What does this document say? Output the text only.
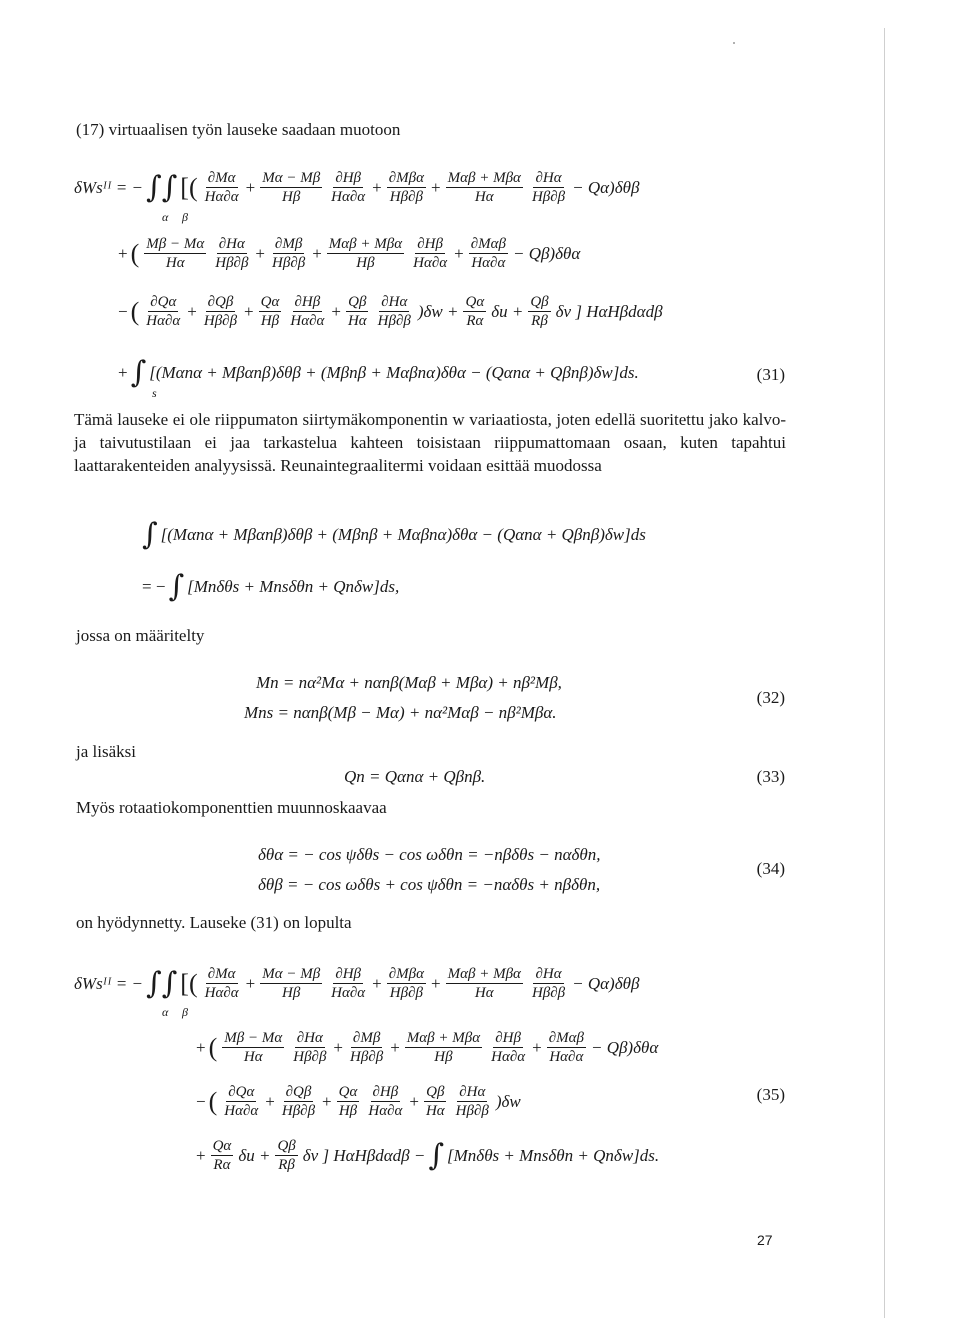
(17) virtuaalisen työn lauseke saadaan muotoon
δWsᴵᴵ = − ∫∫ [( $\frac{\partial M\alpha}{H\alpha\partial\alpha} + \frac{M\alpha - M\beta}{H\beta} \frac{\partial H\beta}{H\alpha\partial\alpha} + \frac{\text{∂Mβα}}{H\beta\partial\beta} + \frac{\text{Mαβ + Mβα}}{H\alpha} \frac{\partial H\alpha}{H\beta\partial\beta} - Q\alpha)\delta\theta\beta$
α β
+ ( $\frac{M\beta - M\alpha}{H\alpha} \frac{\partial H\alpha}{H\beta\partial\beta} + \frac{\partial M\beta}{H\beta\partial\beta} + \frac{\text{Mαβ + Mβα}}{H\beta} \frac{\partial H\beta}{H\alpha\partial\alpha} + \frac{\text{∂Mαβ}}{H\alpha\partial\alpha} - Q\beta)\delta\theta\alpha$
− ( $\frac{\partial Q\alpha}{H\alpha\partial\alpha} + \frac{\partial Q\beta}{H\beta\partial\beta} + \frac{Q\alpha}{H\beta} \frac{\partial H\beta}{H\alpha\partial\alpha} + \frac{Q\beta}{H\alpha} \frac{\partial H\alpha}{H\beta\partial\beta} )\delta w + \frac{Q\alpha}{R\alpha}$ $\delta u + \frac{Q\beta}{R\beta}$ δv ] HαHβdαdβ
+ ∫ [(Mαnα + Mβαnβ)δθβ + (Mβnβ + Mαβnα)δθα − (Qαnα + Qβnβ)δw]ds.
s
(31)
Tämä lauseke ei ole riippumaton siirtymäkomponentin w variaatiosta, joten edellä suoritettu jako kalvo- ja taivutustilaan ei jaa tarkastelua kahteen toisistaan riippumattomaan osaan, kuten tapahtui laattarakenteiden analyysissä. Reunaintegraalitermi voidaan esittää muodossa
∫ [(Mαnα + Mβαnβ)δθβ + (Mβnβ + Mαβnα)δθα − (Qαnα + Qβnβ)δw]ds
= − ∫ [Mnδθs + Mnsδθn + Qnδw]ds,
jossa on määritelty
Mn = nα²Mα + nαnβ(Mαβ + Mβα) + nβ²Mβ,
Mns = nαnβ(Mβ − Mα) + nα²Mαβ − nβ²Mβα.
(32)
ja lisäksi
Qn = Qαnα + Qβnβ.	(33)
Myös rotaatiokomponenttien muunnoskaavaa
δθα = − cos ψδθs − cos ωδθn = −nβδθs − nαδθn,
δθβ = − cos ωδθs + cos ψδθn = −nαδθs + nβδθn,
(34)
on hyödynnetty. Lauseke (31) on lopulta
δWsᴵᴵ = − ∫∫ [( $\frac{\partial M\alpha}{H\alpha\partial\alpha} + \frac{M\alpha - M\beta}{H\beta} \frac{\partial H\beta}{H\alpha\partial\alpha} + \frac{\text{∂Mβα}}{H\beta\partial\beta} + \frac{\text{Mαβ + Mβα}}{H\alpha} \frac{\partial H\alpha}{H\beta\partial\beta} - Q\alpha)\delta\theta\beta$
α β
+ ( $\frac{M\beta - M\alpha}{H\alpha} \frac{\partial H\alpha}{H\beta\partial\beta} + \frac{\partial M\beta}{H\beta\partial\beta} + \frac{\text{Mαβ + Mβα}}{H\beta} \frac{\partial H\beta}{H\alpha\partial\alpha} + \frac{\text{∂Mαβ}}{H\alpha\partial\alpha} - Q\beta)\delta\theta\alpha$
− ( $\frac{\partial Q\alpha}{H\alpha\partial\alpha} + \frac{\partial Q\beta}{H\beta\partial\beta} + \frac{Q\alpha}{H\beta} \frac{\partial H\beta}{H\alpha\partial\alpha} + \frac{Q\beta}{H\alpha} \frac{\partial H\alpha}{H\beta\partial\beta} )\delta w$	(35)
+ $\frac{Q\alpha}{R\alpha}$ $\delta u + \frac{Q\beta}{R\beta}$ δv ] HαHβdαdβ − ∫ [Mnδθs + Mnsδθn + Qnδw]ds.
27
